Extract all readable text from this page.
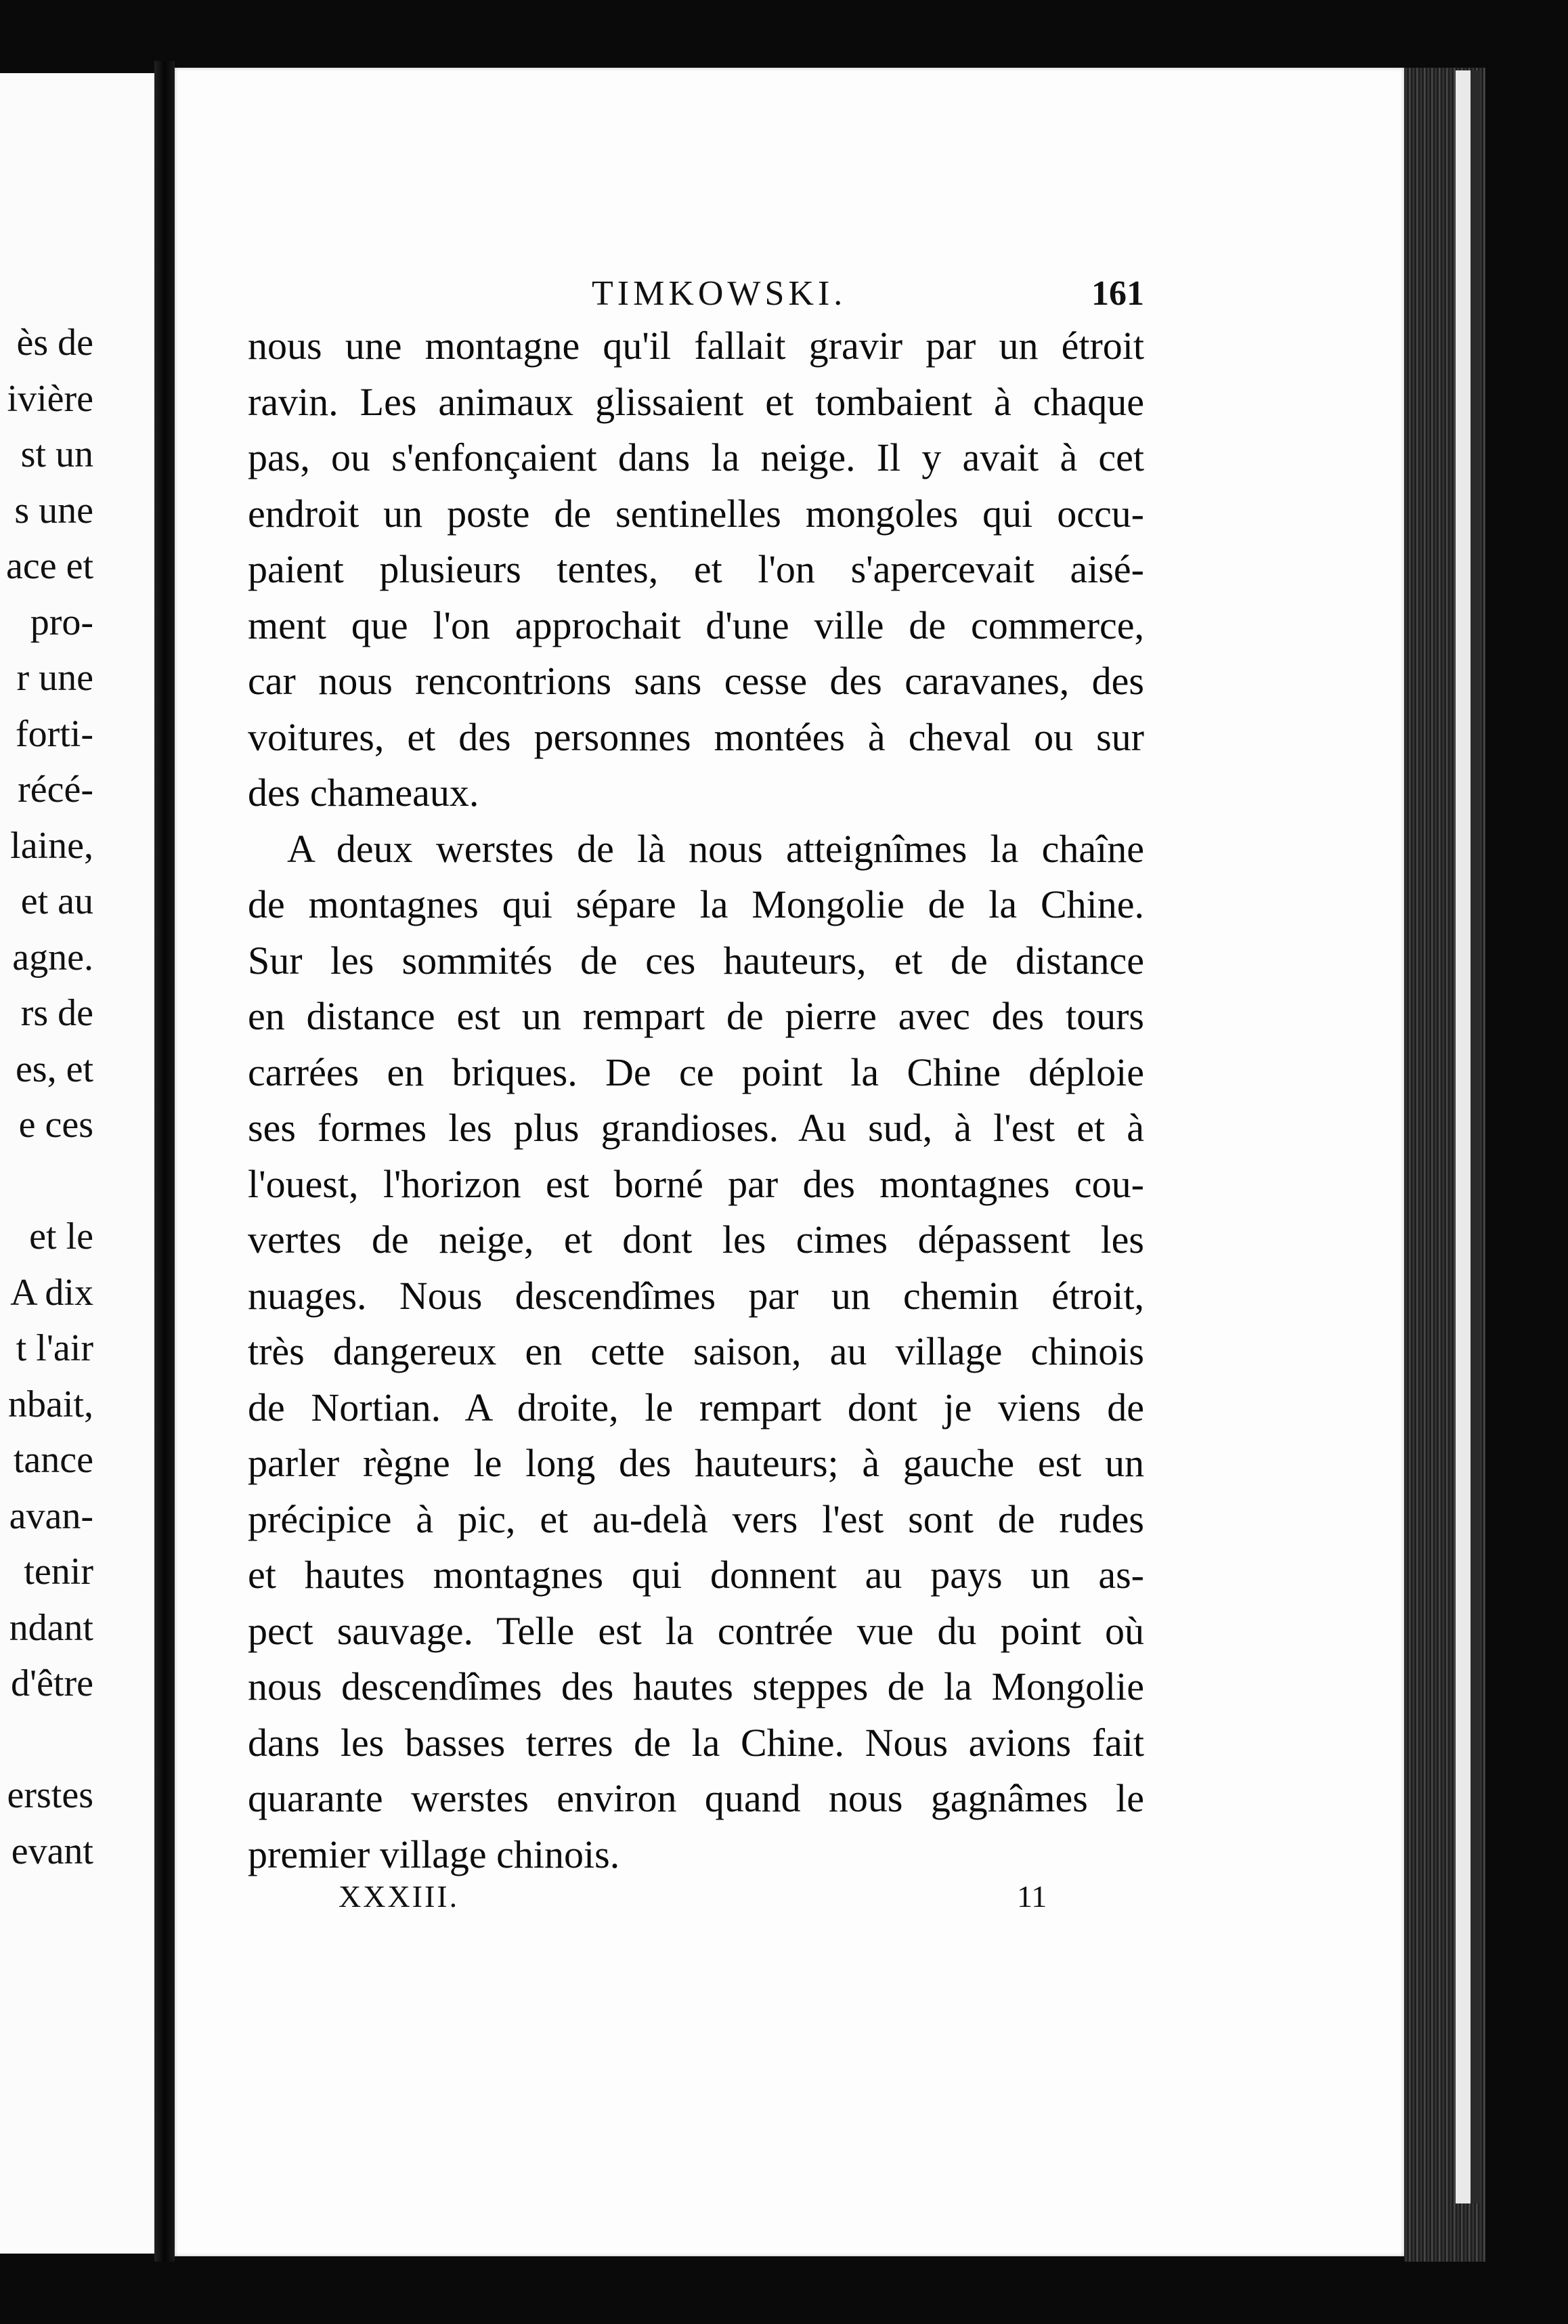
ès de
ivière
st un
s une
ace et
pro-
r une
forti-
récé-
laine,
et au
agne.
rs de
es, et
e ces
et le
A dix
t l'air
nbait,
tance
avan-
tenir
ndant
d'être
erstes
evant
TIMKOWSKI.	161
nous une montagne qu'il fallait gravir par un étroit
ravin. Les animaux glissaient et tombaient à chaque
pas, ou s'enfonçaient dans la neige. Il y avait à cet
endroit un poste de sentinelles mongoles qui occu-
paient plusieurs tentes, et l'on s'apercevait aisé-
ment que l'on approchait d'une ville de commerce,
car nous rencontrions sans cesse des caravanes, des
voitures, et des personnes montées à cheval ou sur
des chameaux.
A deux werstes de là nous atteignîmes la chaîne
de montagnes qui sépare la Mongolie de la Chine.
Sur les sommités de ces hauteurs, et de distance
en distance est un rempart de pierre avec des tours
carrées en briques. De ce point la Chine déploie
ses formes les plus grandioses. Au sud, à l'est et à
l'ouest, l'horizon est borné par des montagnes cou-
vertes de neige, et dont les cimes dépassent les
nuages. Nous descendîmes par un chemin étroit,
très dangereux en cette saison, au village chinois
de Nortian. A droite, le rempart dont je viens de
parler règne le long des hauteurs; à gauche est un
précipice à pic, et au-delà vers l'est sont de rudes
et hautes montagnes qui donnent au pays un as-
pect sauvage. Telle est la contrée vue du point où
nous descendîmes des hautes steppes de la Mongolie
dans les basses terres de la Chine. Nous avions fait
quarante werstes environ quand nous gagnâmes le
premier village chinois.
XXXIII.	11
